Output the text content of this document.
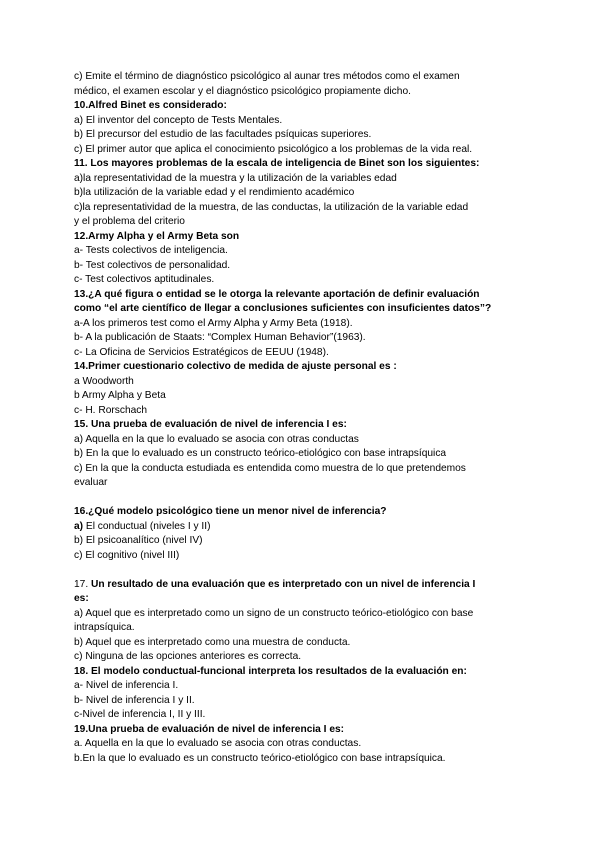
c) Emite el término de diagnóstico psicológico al aunar tres métodos como el examen
médico, el examen escolar y el diagnóstico psicológico propiamente dicho.
10.Alfred Binet es considerado:
a) El inventor del concepto de Tests Mentales.
b) El precursor del estudio de las facultades psíquicas superiores.
c) El primer autor que aplica el conocimiento psicológico a los problemas de la vida real.
11. Los mayores problemas de la escala de inteligencia de Binet son los siguientes:
a)la representatividad de la muestra y la utilización de la variables edad
b)la utilización de la variable edad y el rendimiento académico
c)la representatividad de la muestra, de las conductas, la utilización de la variable edad
y el problema del criterio
12.Army Alpha y el Army Beta son
a- Tests colectivos de inteligencia.
b- Test colectivos de personalidad.
c- Test colectivos aptitudinales.
13.¿A qué figura o entidad se le otorga la relevante aportación de definir evaluación
como “el arte científico de llegar a conclusiones suficientes con insuficientes datos”?
a-A los primeros test como el Army Alpha y Army Beta (1918).
b- A la publicación de Staats: “Complex Human Behavior”(1963).
c- La Oficina de Servicios Estratégicos de EEUU (1948).
14.Primer cuestionario colectivo de medida de ajuste personal es :
a Woodworth
b Army Alpha y Beta
c- H. Rorschach
15. Una prueba de evaluación de nivel de inferencia I es:
a) Aquella en la que lo evaluado se asocia con otras conductas
b) En la que lo evaluado es un constructo teórico-etiológico con base intrapsíquica
c) En la que la conducta estudiada es entendida como muestra de lo que pretendemos
evaluar
16.¿Qué modelo psicológico tiene un menor nivel de inferencia?
a) El conductual (niveles I y II)
b) El psicoanalítico (nivel IV)
c) El cognitivo (nivel III)
17. Un resultado de una evaluación que es interpretado con un nivel de inferencia I
es:
a) Aquel que es interpretado como un signo de un constructo teórico-etiológico con base
intrapsíquica.
b) Aquel que es interpretado como una muestra de conducta.
c) Ninguna de las opciones anteriores es correcta.
18. El modelo conductual-funcional interpreta los resultados de la evaluación en:
a- Nivel de inferencia I.
b- Nivel de inferencia I y II.
c-Nivel de inferencia I, II y III.
19.Una prueba de evaluación de nivel de inferencia I es:
a. Aquella en la que lo evaluado se asocia con otras conductas.
b.En la que lo evaluado es un constructo teórico-etiológico con base intrapsíquica.
